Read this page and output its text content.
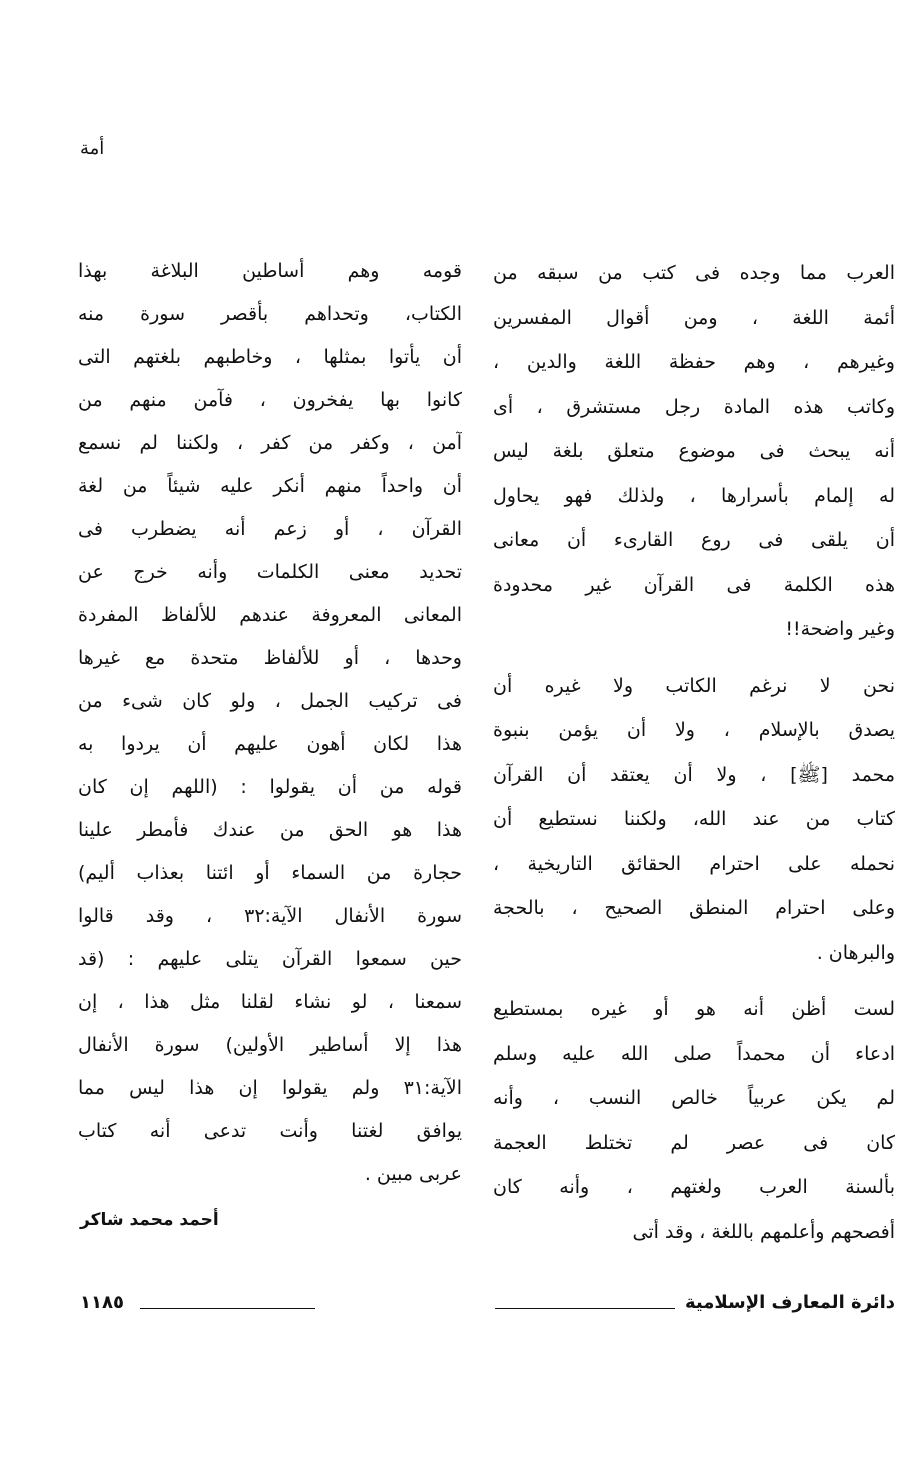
أمة
العرب مما وجده فى كتب من سبقه من
أئمة اللغة ، ومن أقوال المفسرين
وغيرهم ، وهم حفظة اللغة والدين ،
وكاتب هذه المادة رجل مستشرق ، أى
أنه يبحث فى موضوع متعلق بلغة ليس
له إلمام بأسرارها ، ولذلك فهو يحاول
أن يلقى فى روع القارىء أن معانى
هذه الكلمة فى القرآن غير محدودة
وغير واضحة!!
نحن لا نرغم الكاتب ولا غيره أن
يصدق بالإسلام ، ولا أن يؤمن بنبوة
محمد [ﷺ] ، ولا أن يعتقد أن القرآن
كتاب من عند الله، ولكننا نستطيع أن
نحمله على احترام الحقائق التاريخية ،
وعلى احترام المنطق الصحيح ، بالحجة
والبرهان .
لست أظن أنه هو أو غيره بمستطيع
ادعاء أن محمداً صلى الله عليه وسلم
لم يكن عربياً خالص النسب ، وأنه
كان فى عصر لم تختلط العجمة
بألسنة العرب ولغتهم ، وأنه كان
أفصحهم وأعلمهم باللغة ، وقد أتى
قومه وهم أساطين البلاغة بهذا
الكتاب، وتحداهم بأقصر سورة منه
أن يأتوا بمثلها ، وخاطبهم بلغتهم التى
كانوا بها يفخرون ، فآمن منهم من
آمن ، وكفر من كفر ، ولكننا لم نسمع
أن واحداً منهم أنكر عليه شيئاً من لغة
القرآن ، أو زعم أنه يضطرب فى
تحديد معنى الكلمات وأنه خرج عن
المعانى المعروفة عندهم للألفاظ المفردة
وحدها ، أو للألفاظ متحدة مع غيرها
فى تركيب الجمل ، ولو كان شىء من
هذا لكان أهون عليهم أن يردوا به
قوله من أن يقولوا : (اللهم إن كان
هذا هو الحق من عندك فأمطر علينا
حجارة من السماء أو ائتنا بعذاب أليم)
سورة الأنفال الآية:٣٢ ، وقد قالوا
حين سمعوا القرآن يتلى عليهم : (قد
سمعنا ، لو نشاء لقلنا مثل هذا ، إن
هذا إلا أساطير الأولين) سورة الأنفال
الآية:٣١ ولم يقولوا إن هذا ليس مما
يوافق لغتنا وأنت تدعى أنه كتاب
عربى مبين .
أحمد محمد شاكر
دائرة المعارف الإسلامية
١١٨٥
